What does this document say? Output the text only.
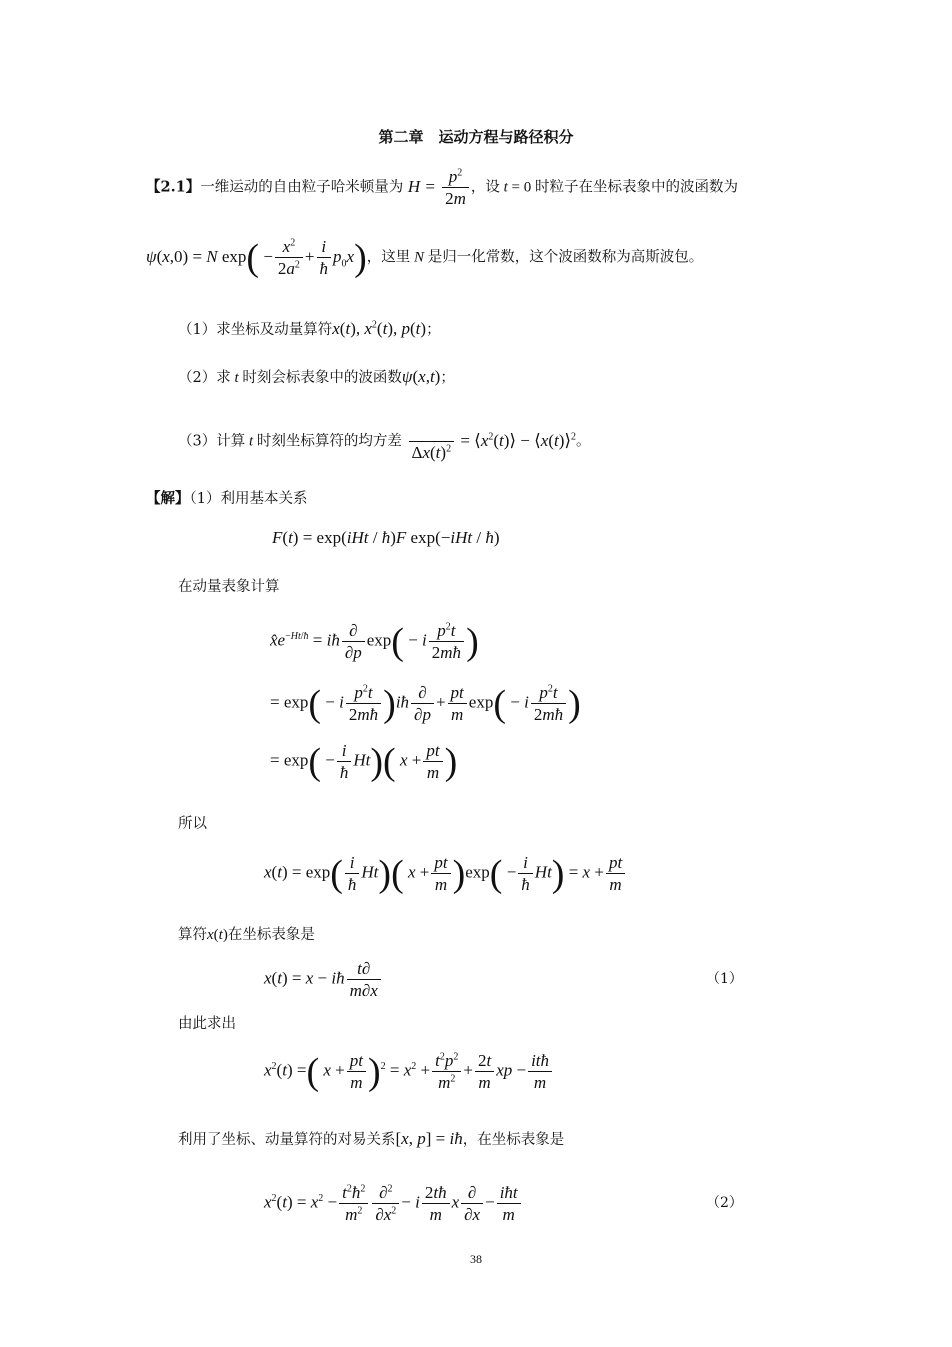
第二章　运动方程与路径积分
【2.1】一维运动的自由粒子哈米顿量为 $H = \frac{p^2}{2m}$ ，设 t = 0 时粒子在坐标表象中的波函数为
ψ(x,0) = N $\exp( - \frac{x^2}{2a^2} + \frac{i}{ħ} p_0x)$，这里 N 是归一化常数，这个波函数称为高斯波包。
（1）求坐标及动量算符x(t), $x^2(t)$, p(t)；
（2）求 t 时刻会标表象中的波函数ψ(x,t)；
（3）计算 t 时刻坐标算符的均方差

$\Delta x(t)^2$ = $⟨x^2(t)⟩$ − ⟨x(t)⟩$^2$。
【解】（1）利用基本关系
F(t) = exp(iHt / ħ)F exp(−iHt / ħ)
在动量表象计算
$x̂e^{-Ht/ħ}$ = iħ $\frac{\partial}{\partial p} \exp( - i \frac{p^2t}{2mħ}$ )
= exp( − i $\frac{p^2t}{2mħ}$ )iħ $\frac{\partial}{\partial p} + \frac{pt}{m} \exp( - i \frac{p^2t}{2mħ}$ )
= $\exp( - \frac{i}{ħ} Ht)$( $x + \frac{pt}{m}$ )
所以
$x(t) = \exp( \frac{i}{ħ} Ht)$( $x + \frac{pt}{m} )\exp( - \frac{i}{ħ} Ht) = x + \frac{pt}{m}$
算符x(t)在坐标表象是
x(t) = x − iħ $\frac{t\partial}{m\partial x}$	（1）
由此求出
$x^2(t)$ =( $x + \frac{pt}{m} )^2 = x^2 + \frac{t^2p^2}{m^2} + \frac{2t}{m}$ xp − $\frac{\text{itħ}}{m}$
利用了坐标、动量算符的对易关系[x, p] = iħ，在坐标表象是
$x^2(t) = x^2 - \frac{t^2ħ^2}{m^2} \frac{\partial^2}{\partial x^2} - i \frac{2tħ}{m}$ x $\frac{\partial}{\partial x} - \frac{\text{iħt}}{m}$	（2）
38
